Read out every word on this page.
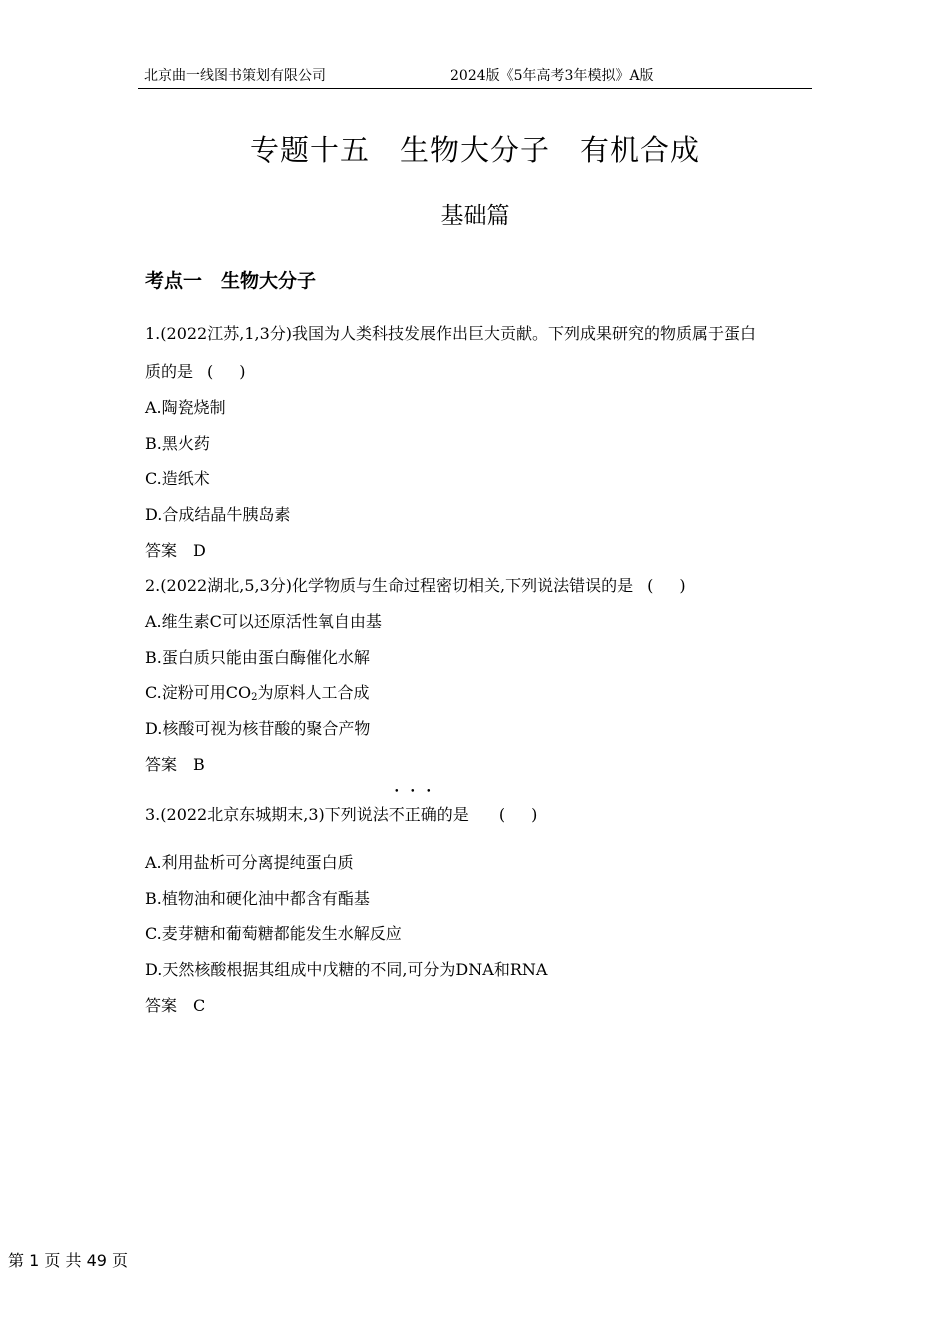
北京曲一线图书策划有限公司	2024版《5年高考3年模拟》A版
专题十五　生物大分子　有机合成
基础篇
考点一　生物大分子
1.(2022江苏,1,3分)我国为人类科技发展作出巨大贡献。下列成果研究的物质属于蛋白
质的是 ( )
A.陶瓷烧制
B.黑火药
C.造纸术
D.合成结晶牛胰岛素
答案　D
2.(2022湖北,5,3分)化学物质与生命过程密切相关,下列说法错误的是 ( )
A.维生素C可以还原活性氧自由基
B.蛋白质只能由蛋白酶催化水解
C.淀粉可用$CO_2$为原料人工合成
D.核酸可视为核苷酸的聚合产物
答案　B
3.(2022北京东城期末,3)下列说法不正确的是 ( )
A.利用盐析可分离提纯蛋白质
B.植物油和硬化油中都含有酯基
C.麦芽糖和葡萄糖都能发生水解反应
D.天然核酸根据其组成中戊糖的不同,可分为DNA和RNA
答案　C
第 1 页 共 49 页
